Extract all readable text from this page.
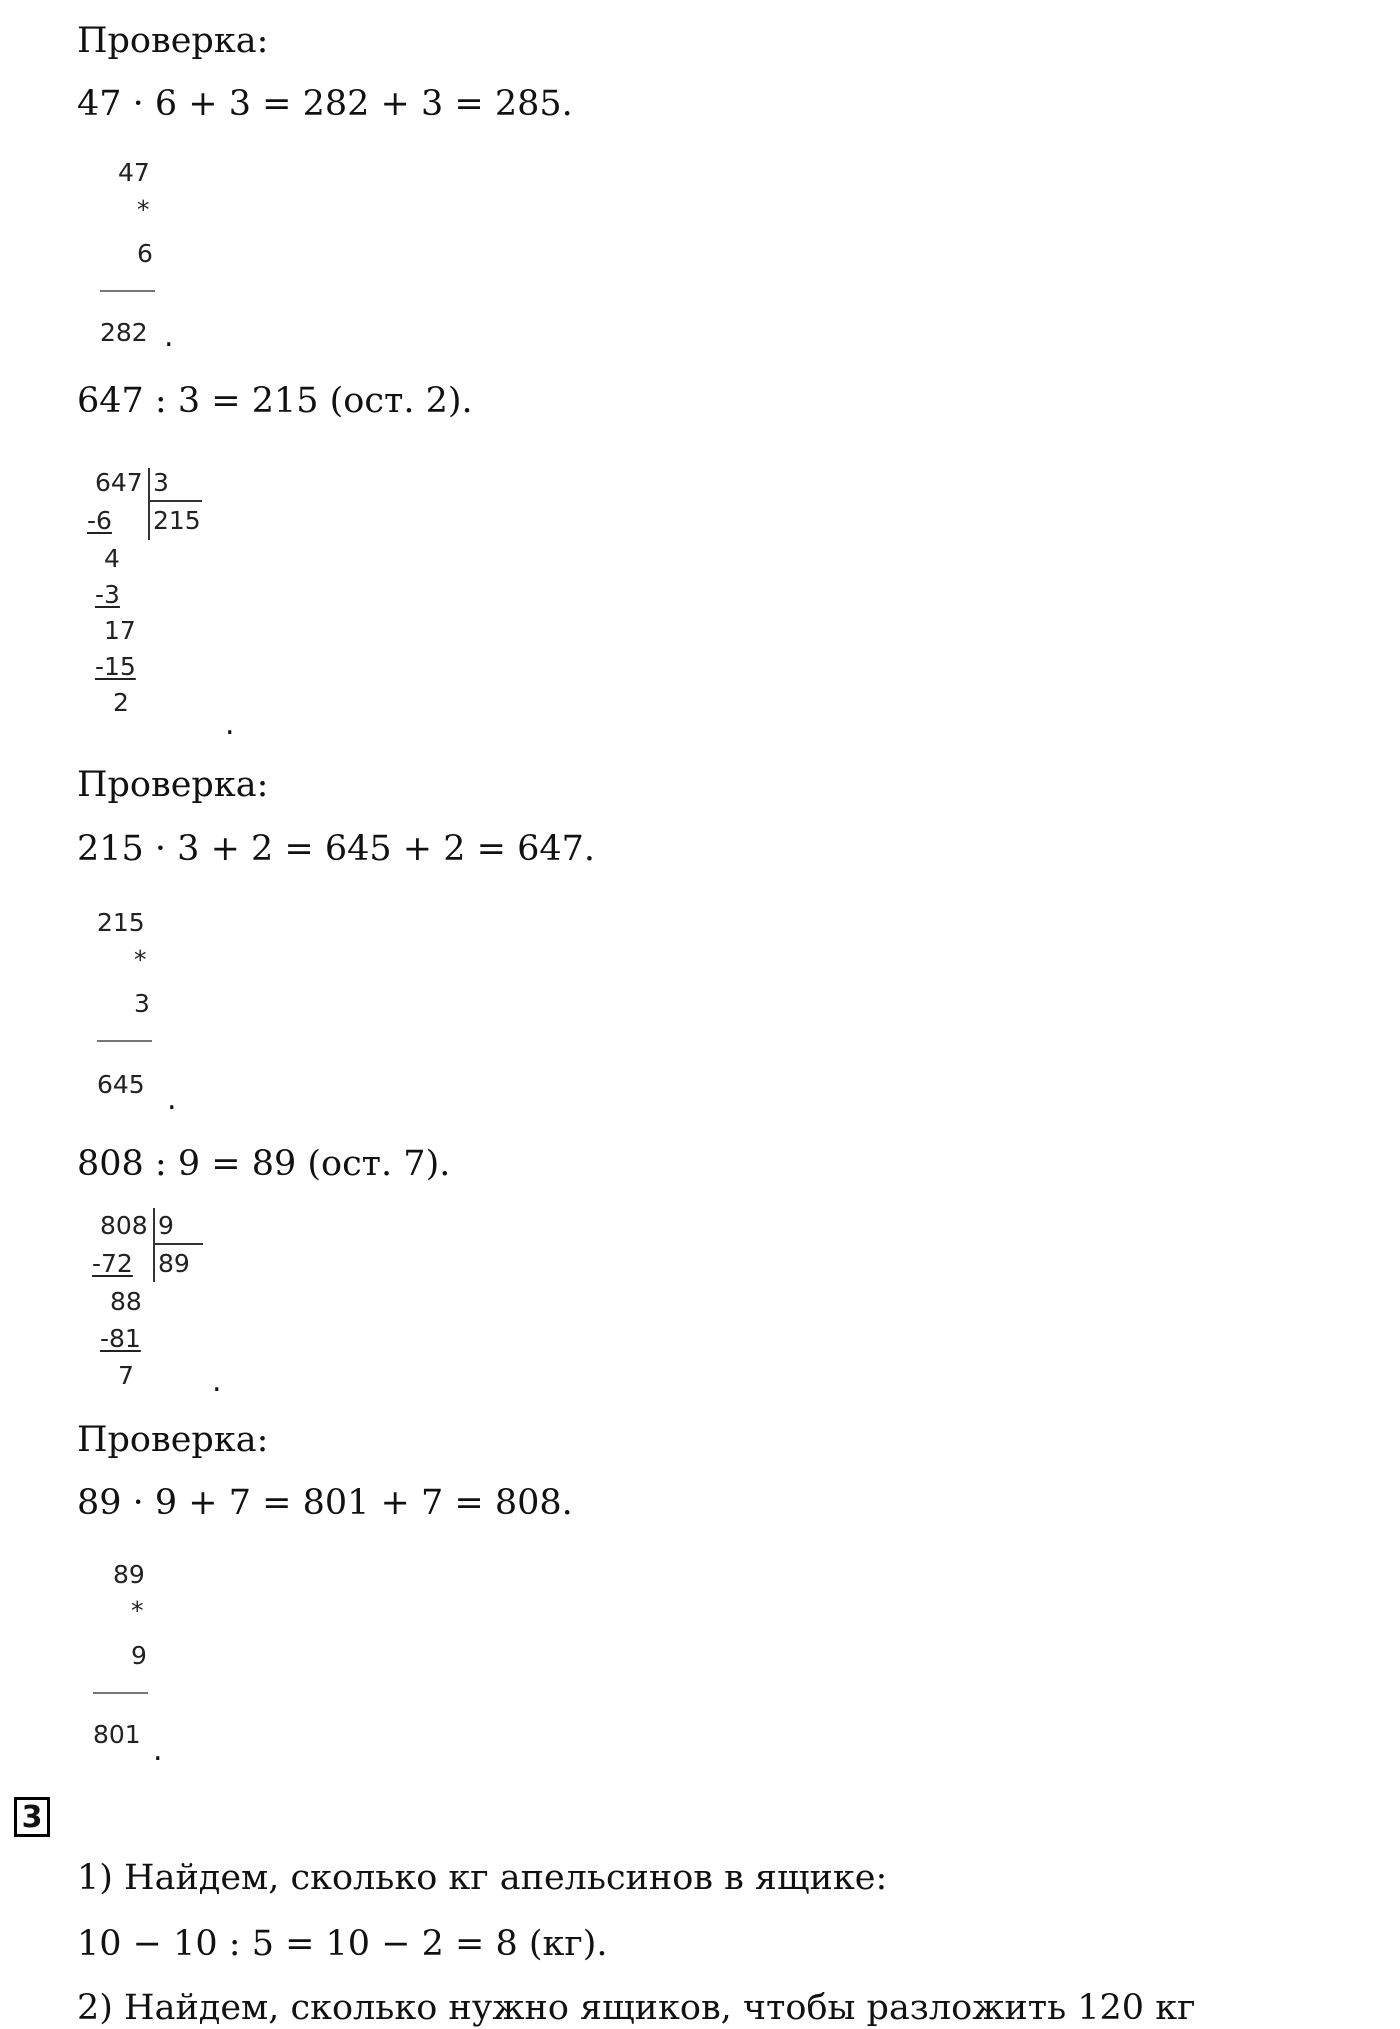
Проверка:
47 · 6 + 3 = 282 + 3 = 285.
47
*
6
282 .
647 : 3 = 215 (ост. 2).
647 3
215
-6
4
-3
17
-15
2
.
Проверка:
215 · 3 + 2 = 645 + 2 = 647.
215
*
3
645 .
808 : 9 = 89 (ост. 7).
808 9
89
-72
88
-81
7	.
Проверка:
89 · 9 + 7 = 801 + 7 = 808.
89
*
9
801 .
3
1) Найдем, сколько кг апельсинов в ящике:
10 − 10 : 5 = 10 − 2 = 8 (кг).
2) Найдем, сколько нужно ящиков, чтобы разложить 120 кг
